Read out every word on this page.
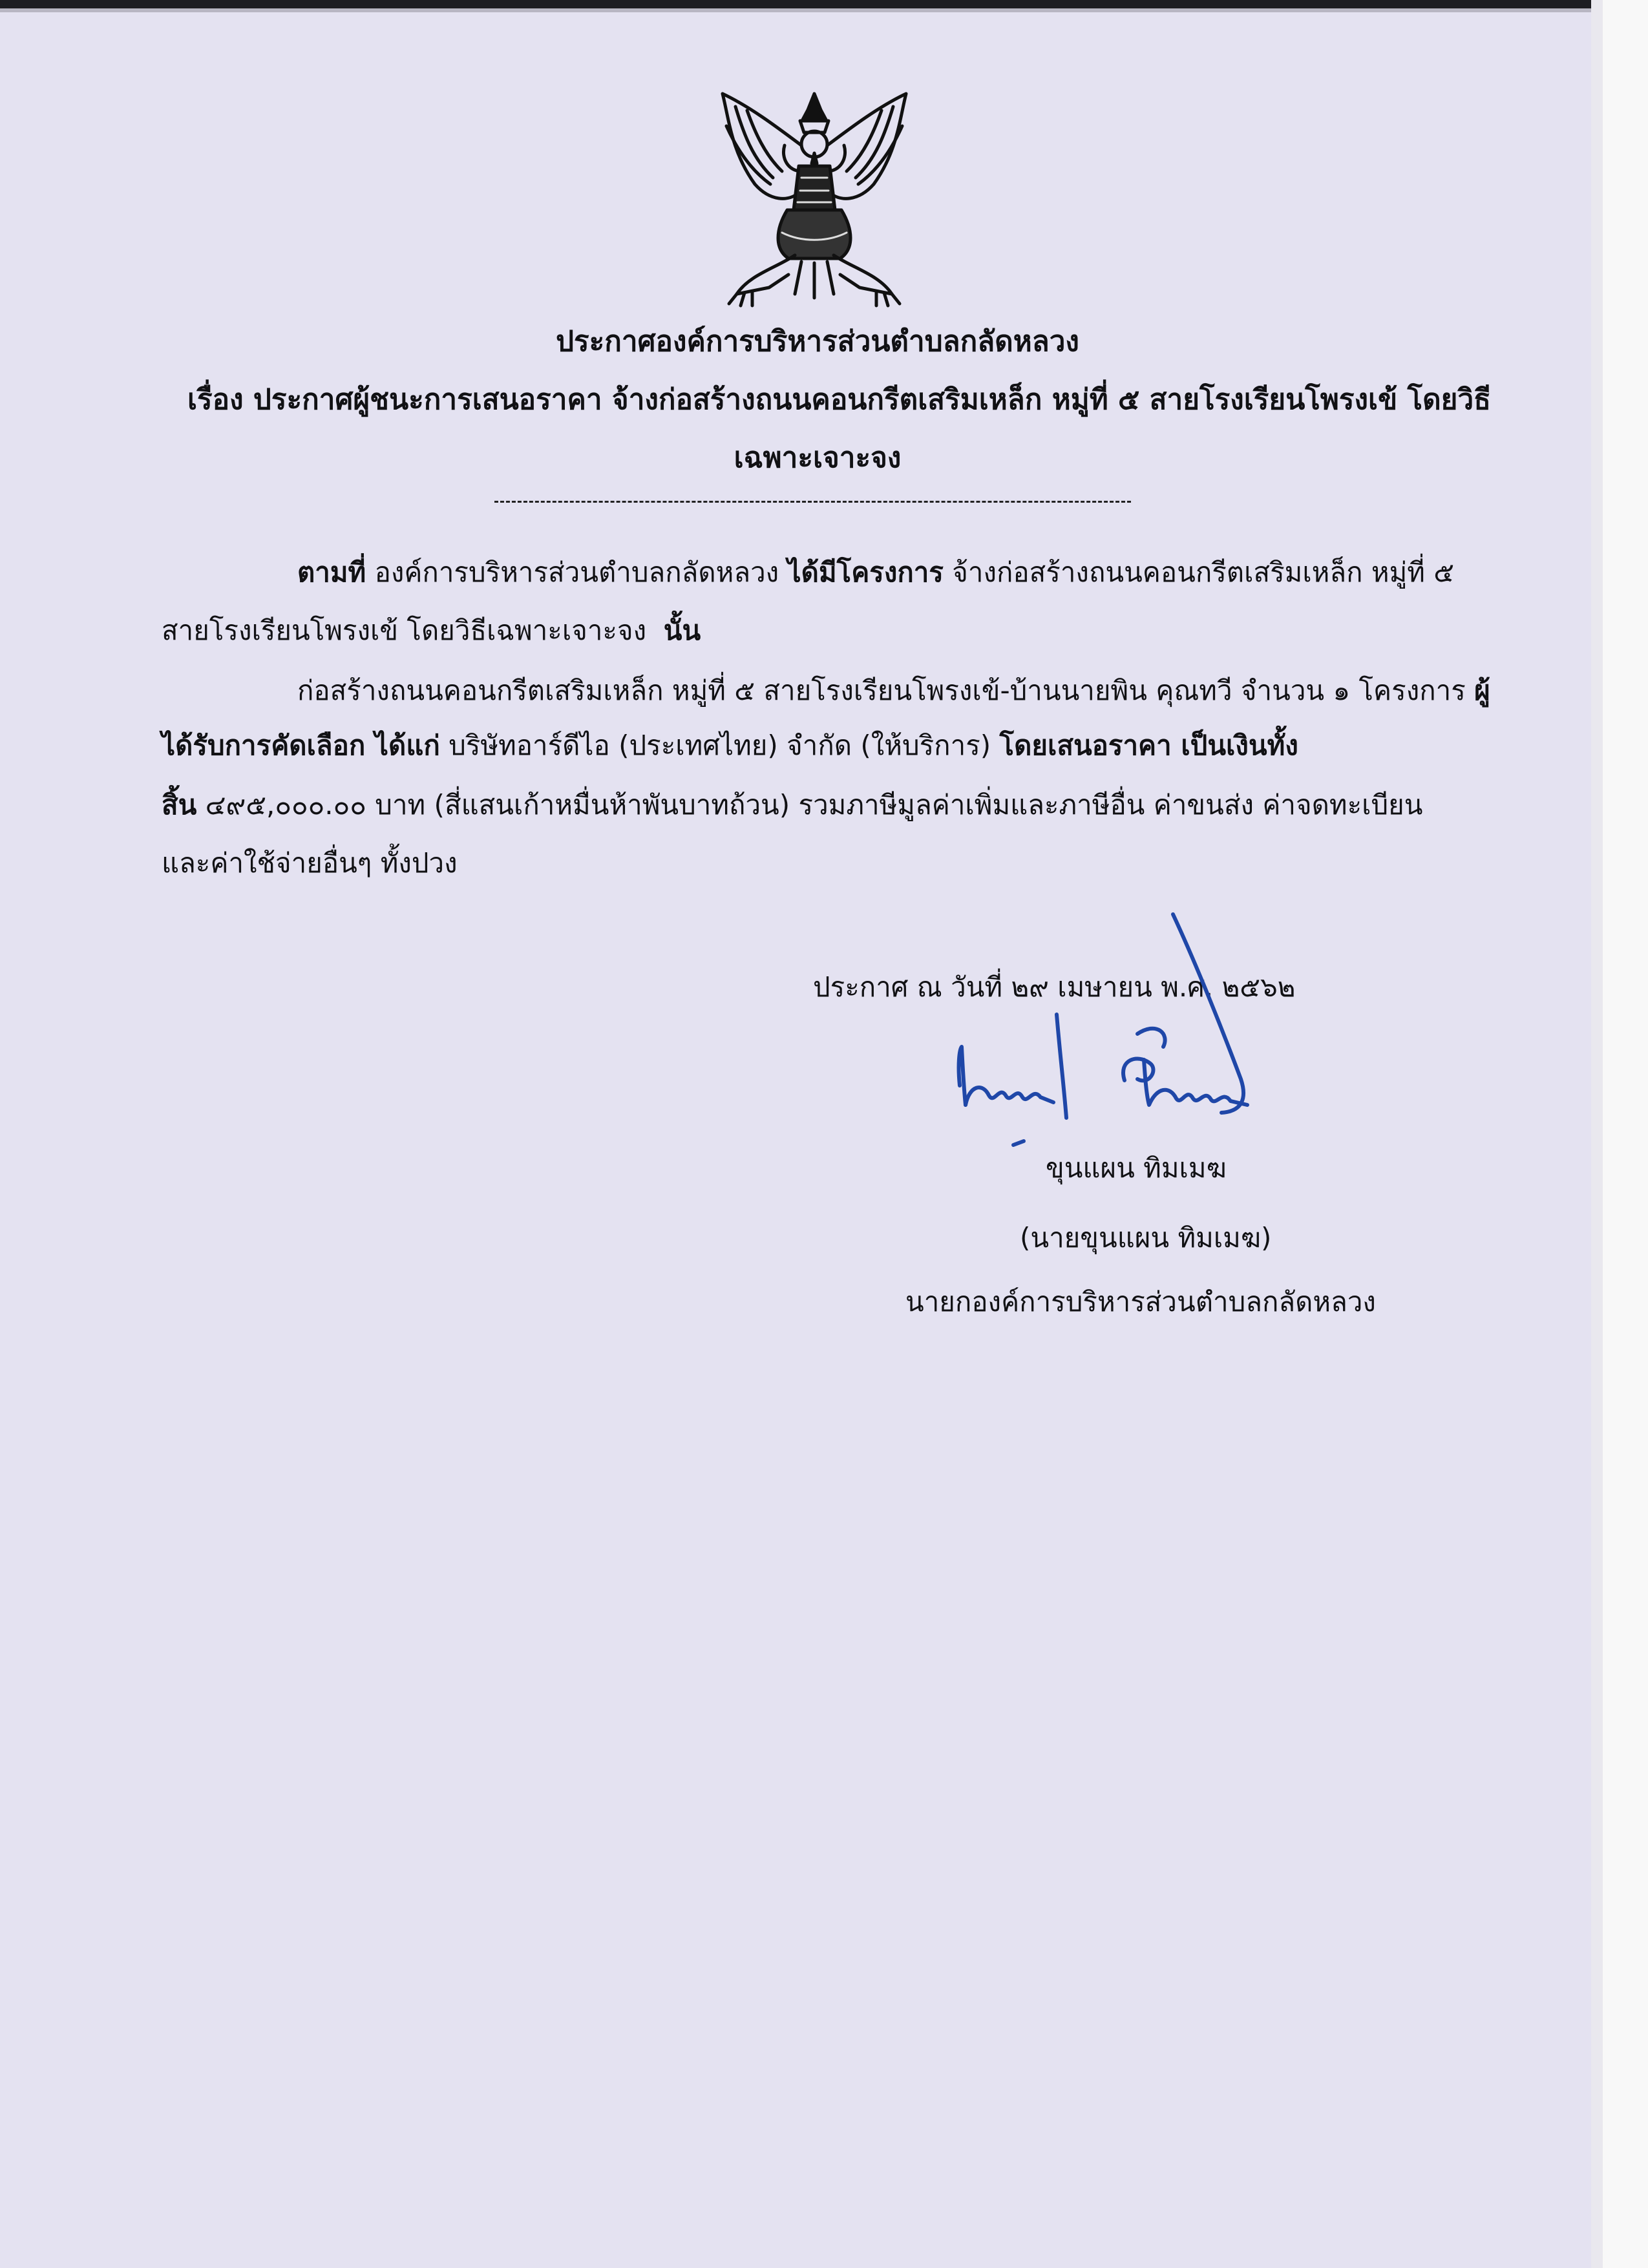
ประกาศองค์การบริหารส่วนตำบลกลัดหลวง
เรื่อง ประกาศผู้ชนะการเสนอราคา จ้างก่อสร้างถนนคอนกรีตเสริมเหล็ก หมู่ที่ ๕ สายโรงเรียนโพรงเข้ โดยวิธี
เฉพาะเจาะจง
ตามที่ องค์การบริหารส่วนตำบลกลัดหลวง ได้มีโครงการ จ้างก่อสร้างถนนคอนกรีตเสริมเหล็ก หมู่ที่ ๕
สายโรงเรียนโพรงเข้ โดยวิธีเฉพาะเจาะจง นั้น
ก่อสร้างถนนคอนกรีตเสริมเหล็ก หมู่ที่ ๕ สายโรงเรียนโพรงเข้-บ้านนายพิน คุณทวี จำนวน ๑ โครงการ ผู้
ได้รับการคัดเลือก ได้แก่ บริษัทอาร์ดีไอ (ประเทศไทย) จำกัด (ให้บริการ) โดยเสนอราคา เป็นเงินทั้ง
สิ้น ๔๙๕,๐๐๐.๐๐ บาท (สี่แสนเก้าหมื่นห้าพันบาทถ้วน) รวมภาษีมูลค่าเพิ่มและภาษีอื่น ค่าขนส่ง ค่าจดทะเบียน
และค่าใช้จ่ายอื่นๆ ทั้งปวง
ประกาศ ณ วันที่ ๒๙ เมษายน พ.ศ. ๒๕๖๒
ขุนแผน ทิมเมฆ
(นายขุนแผน ทิมเมฆ)
นายกองค์การบริหารส่วนตำบลกลัดหลวง
